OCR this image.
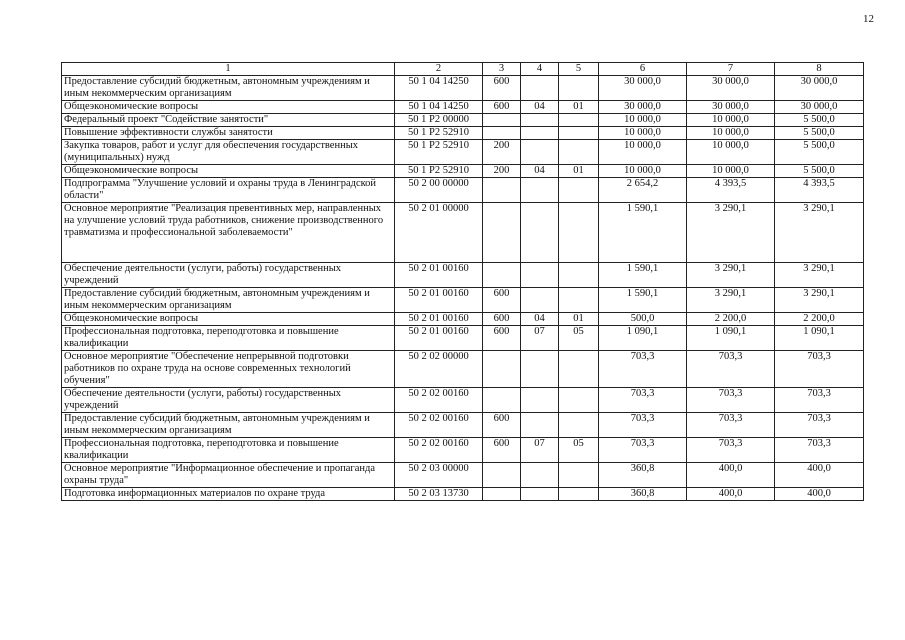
12
1	2	3	4	5	6	7	8
Предоставление субсидий бюджетным, автономным учреждениям и иным некоммерческим организациям	50 1 04 14250	600			30 000,0	30 000,0	30 000,0
Общеэкономические вопросы	50 1 04 14250	600	04	01	30 000,0	30 000,0	30 000,0
Федеральный проект "Содействие занятости"	50 1 P2 00000				10 000,0	10 000,0	5 500,0
Повышение эффективности службы занятости	50 1 P2 52910				10 000,0	10 000,0	5 500,0
Закупка товаров, работ и услуг для обеспечения государственных (муниципальных) нужд	50 1 P2 52910	200			10 000,0	10 000,0	5 500,0
Общеэкономические вопросы	50 1 P2 52910	200	04	01	10 000,0	10 000,0	5 500,0
Подпрограмма "Улучшение условий и охраны труда в Ленинградской области"	50 2 00 00000				2 654,2	4 393,5	4 393,5
Основное мероприятие "Реализация превентивных мер, направленных на улучшение условий труда работников, снижение производственного травматизма и профессиональной заболеваемости"	50 2 01 00000				1 590,1	3 290,1	3 290,1
Обеспечение деятельности (услуги, работы) государственных учреждений	50 2 01 00160				1 590,1	3 290,1	3 290,1
Предоставление субсидий бюджетным, автономным учреждениям и иным некоммерческим организациям	50 2 01 00160	600			1 590,1	3 290,1	3 290,1
Общеэкономические вопросы	50 2 01 00160	600	04	01	500,0	2 200,0	2 200,0
Профессиональная подготовка, переподготовка и повышение квалификации	50 2 01 00160	600	07	05	1 090,1	1 090,1	1 090,1
Основное мероприятие "Обеспечение непрерывной подготовки работников по охране труда на основе современных технологий обучения"	50 2 02 00000				703,3	703,3	703,3
Обеспечение деятельности (услуги, работы) государственных учреждений	50 2 02 00160				703,3	703,3	703,3
Предоставление субсидий бюджетным, автономным учреждениям и иным некоммерческим организациям	50 2 02 00160	600			703,3	703,3	703,3
Профессиональная подготовка, переподготовка и повышение квалификации	50 2 02 00160	600	07	05	703,3	703,3	703,3
Основное мероприятие "Информационное обеспечение и пропаганда охраны труда"	50 2 03 00000				360,8	400,0	400,0
Подготовка информационных материалов по охране труда	50 2 03 13730				360,8	400,0	400,0
